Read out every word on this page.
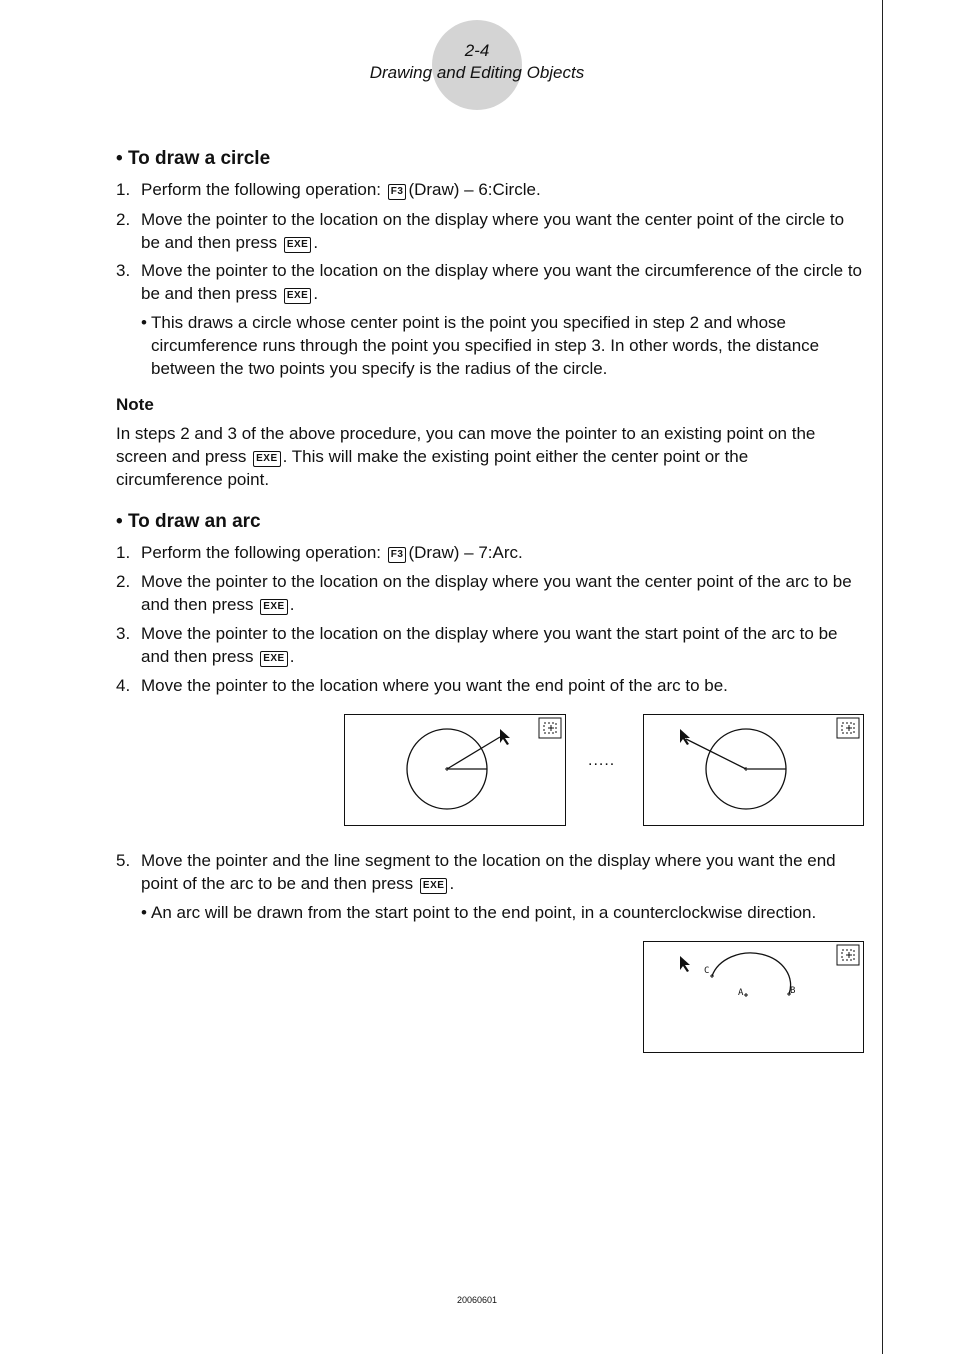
2-4
Drawing and Editing Objects
• To draw a circle
1. Perform the following operation: F3 (Draw) – 6:Circle.
2. Move the pointer to the location on the display where you want the center point of the circle to be and then press EXE .
3. Move the pointer to the location on the display where you want the circumference of the circle to be and then press EXE .
• This draws a circle whose center point is the point you specified in step 2 and whose circumference runs through the point you specified in step 3. In other words, the distance between the two points you specify is the radius of the circle.
Note
In steps 2 and 3 of the above procedure, you can move the pointer to an existing point on the screen and press EXE . This will make the existing point either the center point or the circumference point.
• To draw an arc
1. Perform the following operation: F3 (Draw) – 7:Arc.
2. Move the pointer to the location on the display where you want the center point of the arc to be and then press EXE .
3. Move the pointer to the location on the display where you want the start point of the arc to be and then press EXE .
4. Move the pointer to the location where you want the end point of the arc to be.
5. Move the pointer and the line segment to the location on the display where you want the end point of the arc to be and then press EXE .
• An arc will be drawn from the start point to the end point, in a counterclockwise direction.
.....
C
A	B
20060601
